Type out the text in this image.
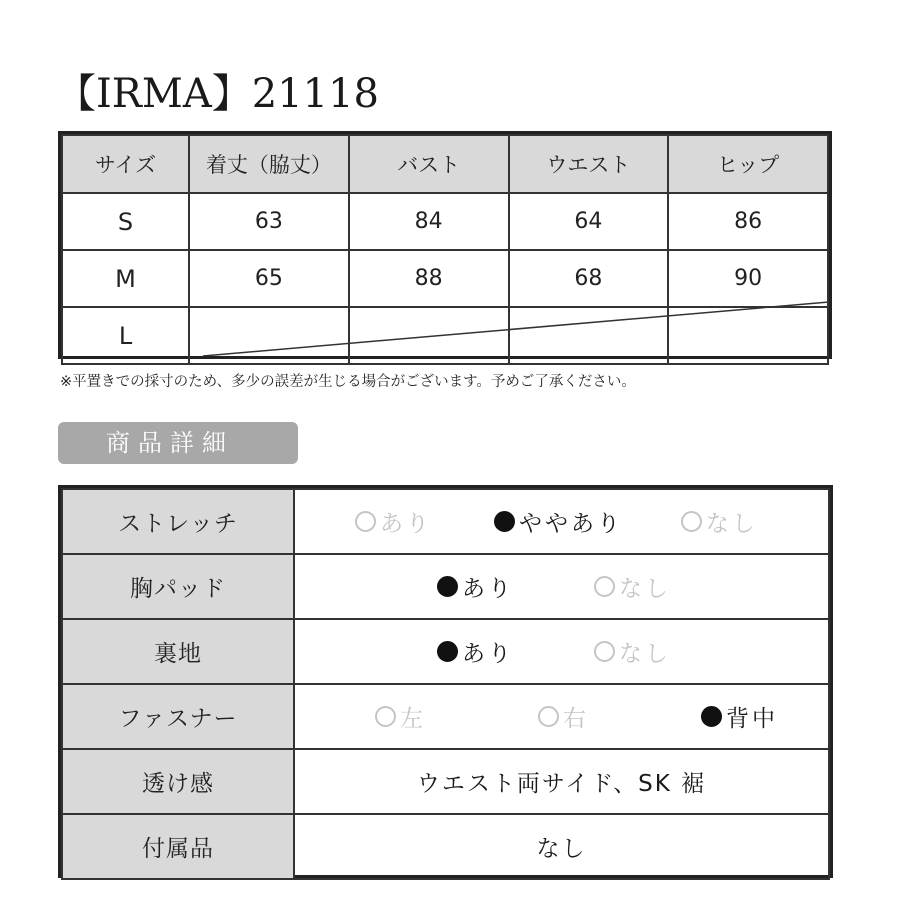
【IRMA】21118
サイズ	着丈（脇丈）	バスト	ウエスト	ヒップ
S	63	84	64	86
M	65	88	68	90
L				
※平置きでの採寸のため、多少の誤差が生じる場合がございます。予めご了承ください。
商品詳細
ストレッチ	あり ややあり なし

胸パッド	あり なし

裏地	あり なし

ファスナー	左 右 背中

透け感	ウエスト両サイド、SK 裾
付属品	なし
